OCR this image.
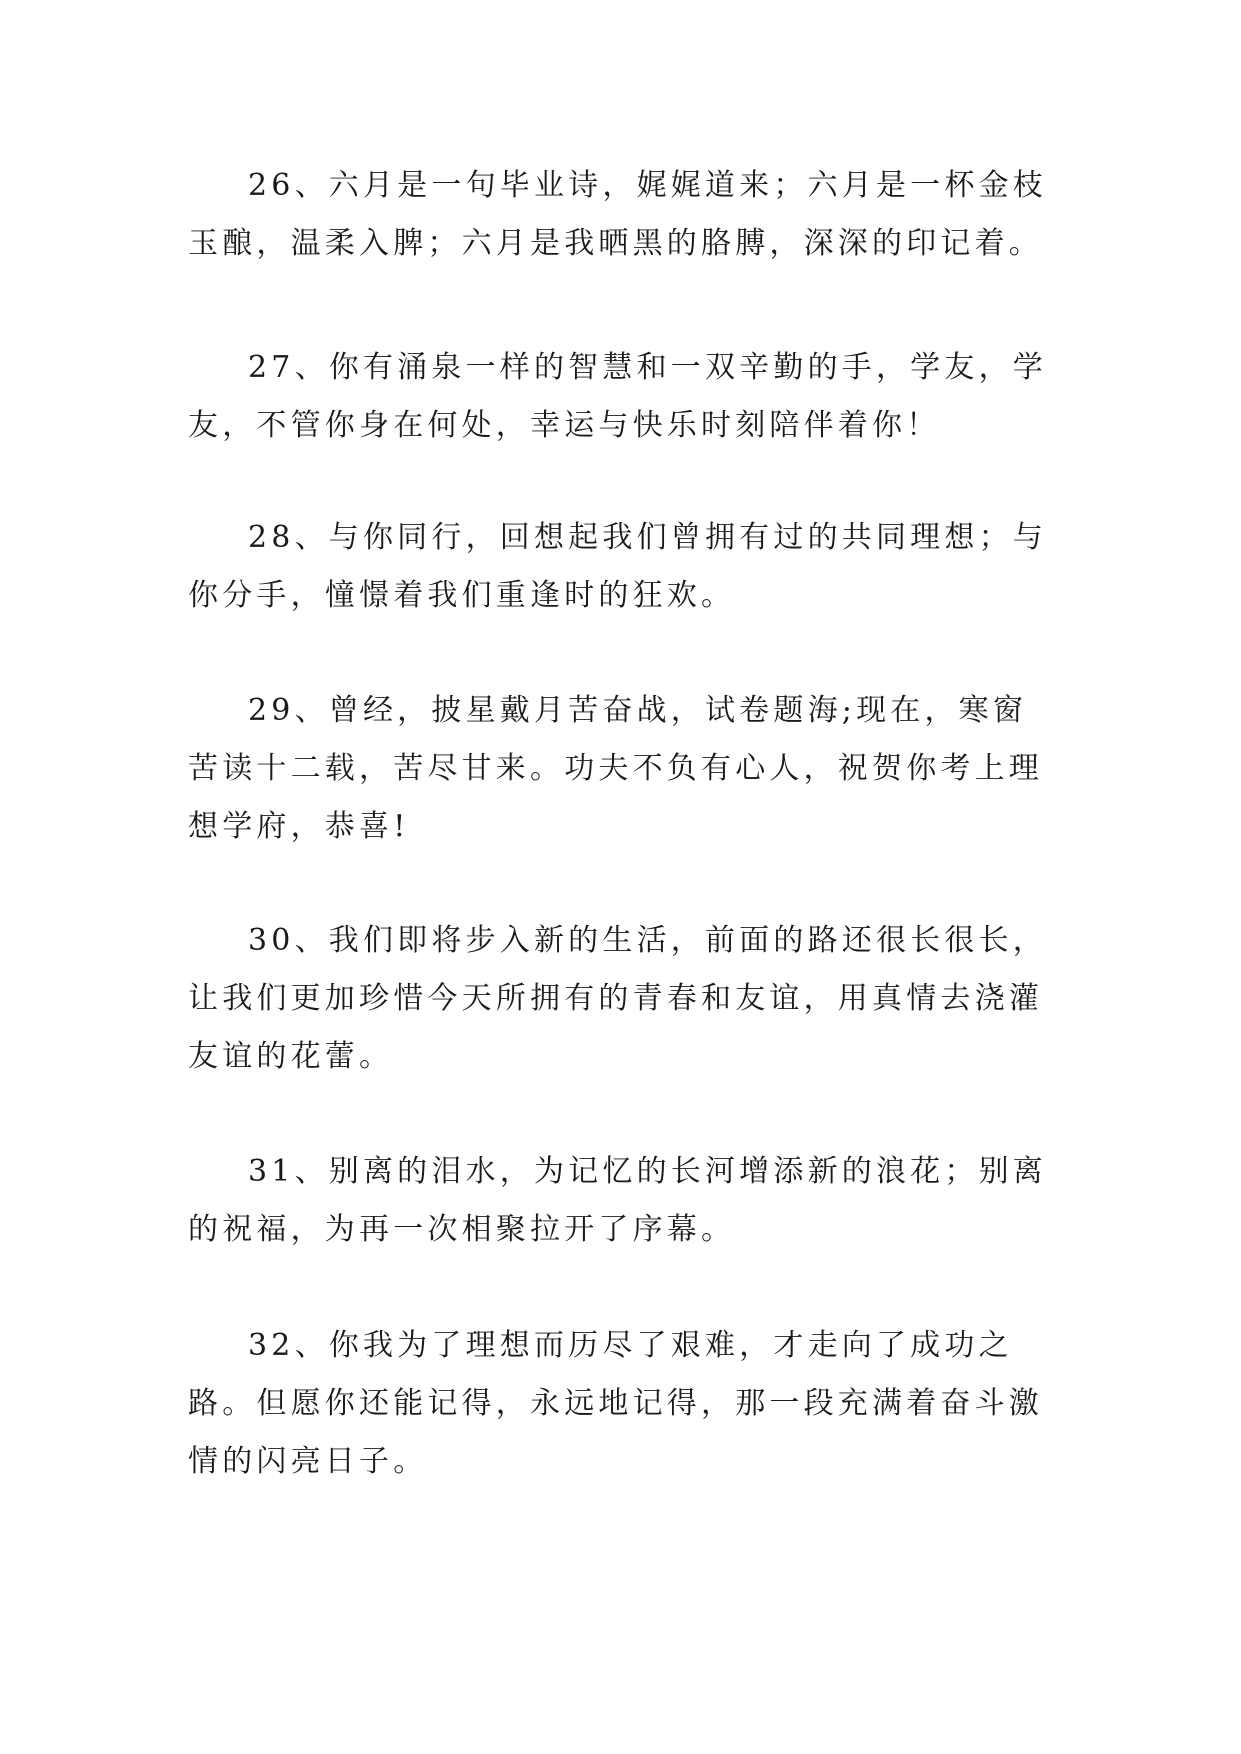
26、六月是一句毕业诗，娓娓道来；六月是一杯金枝玉酿，温柔入脾；六月是我晒黑的胳膊，深深的印记着。

27、你有涌泉一样的智慧和一双辛勤的手，学友，学友，不管你身在何处，幸运与快乐时刻陪伴着你！

28、与你同行，回想起我们曾拥有过的共同理想；与你分手，憧憬着我们重逢时的狂欢。

29、曾经，披星戴月苦奋战，试卷题海;现在，寒窗苦读十二载，苦尽甘来。功夫不负有心人，祝贺你考上理想学府，恭喜!

30、我们即将步入新的生活，前面的路还很长很长，让我们更加珍惜今天所拥有的青春和友谊，用真情去浇灌友谊的花蕾。

31、别离的泪水，为记忆的长河增添新的浪花；别离的祝福，为再一次相聚拉开了序幕。

32、你我为了理想而历尽了艰难，才走向了成功之路。但愿你还能记得，永远地记得，那一段充满着奋斗激情的闪亮日子。
